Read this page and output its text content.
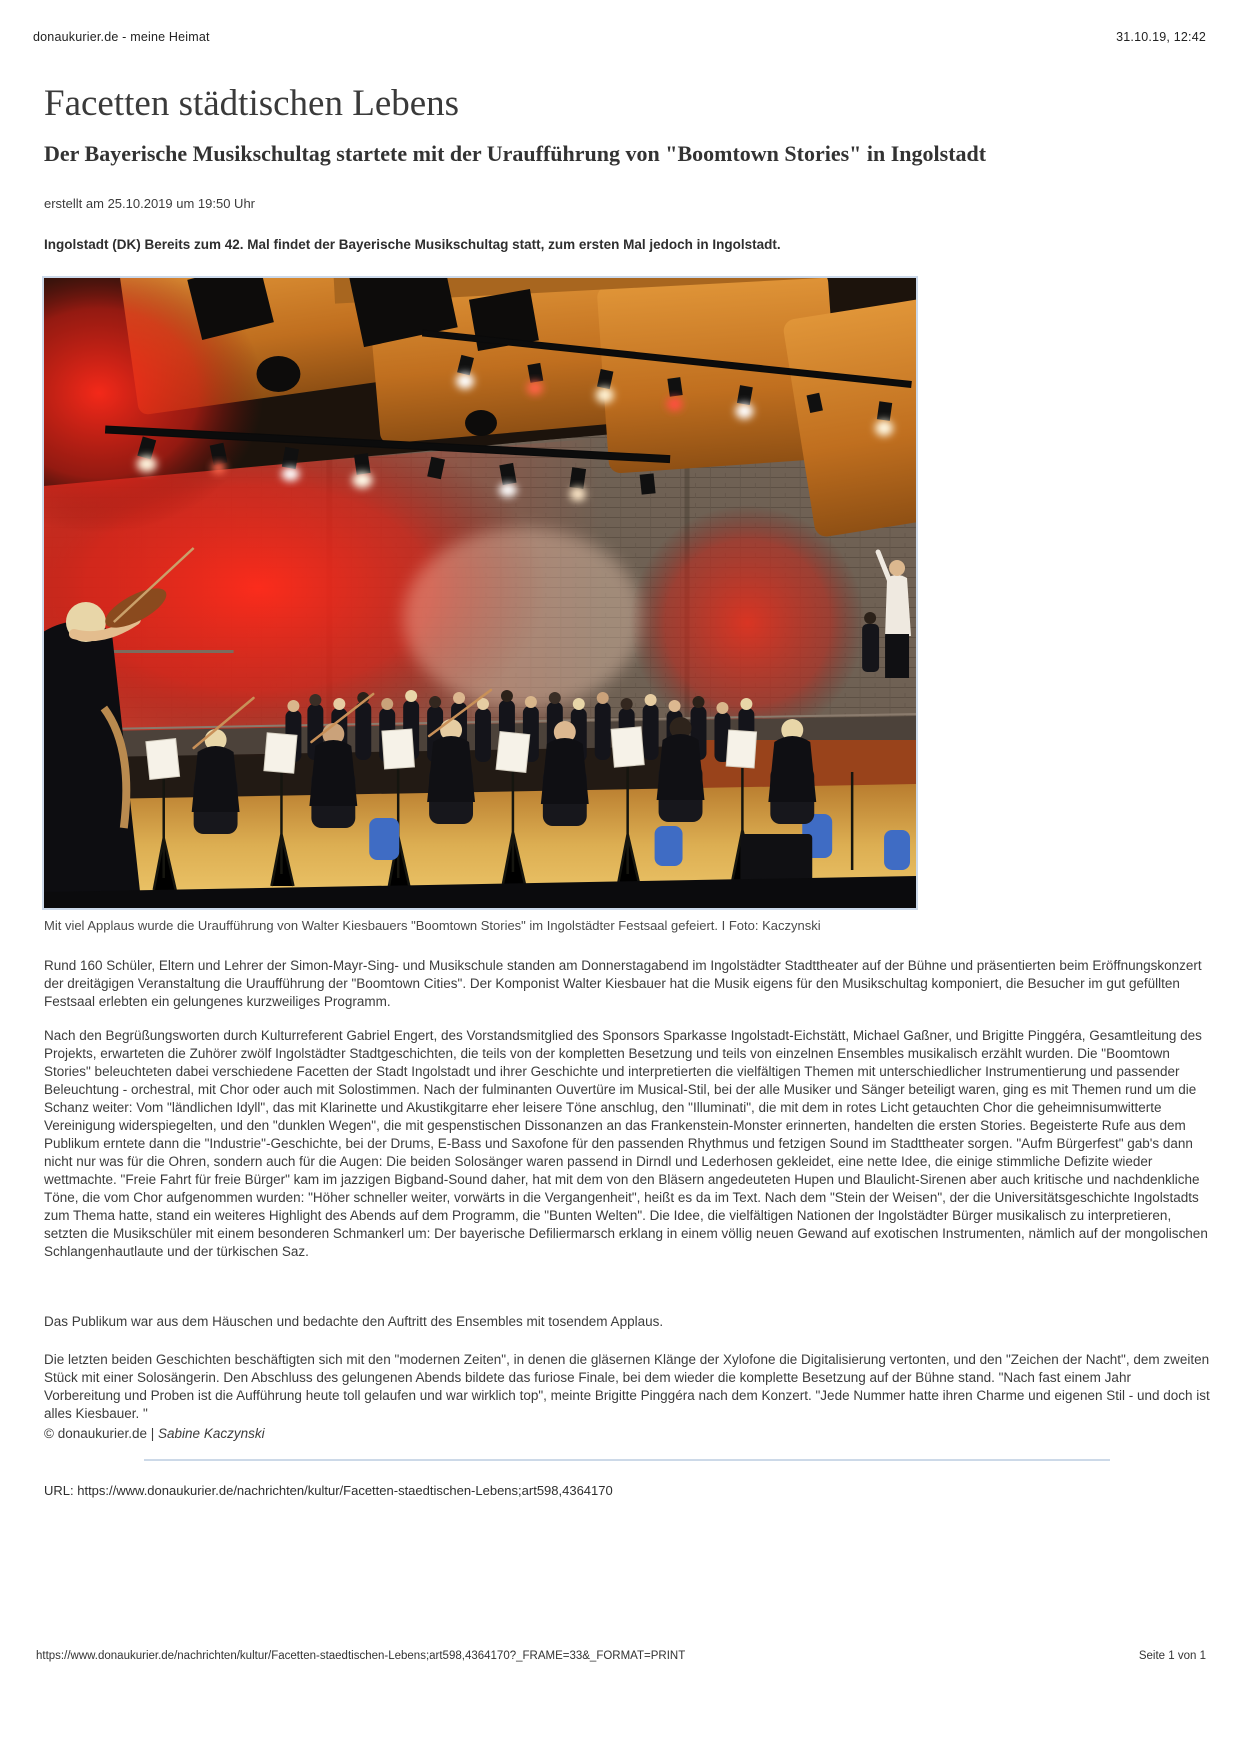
donaukurier.de - meine Heimat	31.10.19, 12:42
Facetten städtischen Lebens
Der Bayerische Musikschultag startete mit der Uraufführung von "Boomtown Stories" in Ingolstadt
erstellt am 25.10.2019 um 19:50 Uhr
Ingolstadt (DK) Bereits zum 42. Mal findet der Bayerische Musikschultag statt, zum ersten Mal jedoch in Ingolstadt.
Mit viel Applaus wurde die Uraufführung von Walter Kiesbauers "Boomtown Stories" im Ingolstädter Festsaal gefeiert. I Foto: Kaczynski

Rund 160 Schüler, Eltern und Lehrer der Simon-Mayr-Sing- und Musikschule standen am Donnerstagabend im Ingolstädter Stadttheater auf der Bühne und präsentierten beim Eröffnungskonzert der dreitägigen Veranstaltung die Uraufführung der "Boomtown Cities". Der Komponist Walter Kiesbauer hat die Musik eigens für den Musikschultag komponiert, die Besucher im gut gefüllten Festsaal erlebten ein gelungenes kurzweiliges Programm.

Nach den Begrüßungsworten durch Kulturreferent Gabriel Engert, des Vorstandsmitglied des Sponsors Sparkasse Ingolstadt-Eichstätt, Michael Gaßner, und Brigitte Pinggéra, Gesamtleitung des Projekts, erwarteten die Zuhörer zwölf Ingolstädter Stadtgeschichten, die teils von der kompletten Besetzung und teils von einzelnen Ensembles musikalisch erzählt wurden. Die "Boomtown Stories" beleuchteten dabei verschiedene Facetten der Stadt Ingolstadt und ihrer Geschichte und interpretierten die vielfältigen Themen mit unterschiedlicher Instrumentierung und passender Beleuchtung - orchestral, mit Chor oder auch mit Solostimmen. Nach der fulminanten Ouvertüre im Musical-Stil, bei der alle Musiker und Sänger beteiligt waren, ging es mit Themen rund um die Schanz weiter: Vom "ländlichen Idyll", das mit Klarinette und Akustikgitarre eher leisere Töne anschlug, den "Illuminati", die mit dem in rotes Licht getauchten Chor die geheimnisumwitterte Vereinigung widerspiegelten, und den "dunklen Wegen", die mit gespenstischen Dissonanzen an das Frankenstein-Monster erinnerten, handelten die ersten Stories. Begeisterte Rufe aus dem Publikum erntete dann die "Industrie"-Geschichte, bei der Drums, E-Bass und Saxofone für den passenden Rhythmus und fetzigen Sound im Stadttheater sorgen. "Aufm Bürgerfest" gab's dann nicht nur was für die Ohren, sondern auch für die Augen: Die beiden Solosänger waren passend in Dirndl und Lederhosen gekleidet, eine nette Idee, die einige stimmliche Defizite wieder wettmachte. "Freie Fahrt für freie Bürger" kam im jazzigen Bigband-Sound daher, hat mit dem von den Bläsern angedeuteten Hupen und Blaulicht-Sirenen aber auch kritische und nachdenkliche Töne, die vom Chor aufgenommen wurden: "Höher schneller weiter, vorwärts in die Vergangenheit", heißt es da im Text. Nach dem "Stein der Weisen", der die Universitätsgeschichte Ingolstadts zum Thema hatte, stand ein weiteres Highlight des Abends auf dem Programm, die "Bunten Welten". Die Idee, die vielfältigen Nationen der Ingolstädter Bürger musikalisch zu interpretieren, setzten die Musikschüler mit einem besonderen Schmankerl um: Der bayerische Defiliermarsch erklang in einem völlig neuen Gewand auf exotischen Instrumenten, nämlich auf der mongolischen Schlangenhautlaute und der türkischen Saz.

Das Publikum war aus dem Häuschen und bedachte den Auftritt des Ensembles mit tosendem Applaus.

Die letzten beiden Geschichten beschäftigten sich mit den "modernen Zeiten", in denen die gläsernen Klänge der Xylofone die Digitalisierung vertonten, und den "Zeichen der Nacht", dem zweiten Stück mit einer Solosängerin. Den Abschluss des gelungenen Abends bildete das furiose Finale, bei dem wieder die komplette Besetzung auf der Bühne stand. "Nach fast einem Jahr Vorbereitung und Proben ist die Aufführung heute toll gelaufen und war wirklich top", meinte Brigitte Pinggéra nach dem Konzert. "Jede Nummer hatte ihren Charme und eigenen Stil - und doch ist alles Kiesbauer. "

© donaukurier.de | Sabine Kaczynski
URL: https://www.donaukurier.de/nachrichten/kultur/Facetten-staedtischen-Lebens;art598,4364170
https://www.donaukurier.de/nachrichten/kultur/Facetten-staedtischen-Lebens;art598,4364170?_FRAME=33&_FORMAT=PRINT	Seite 1 von 1
